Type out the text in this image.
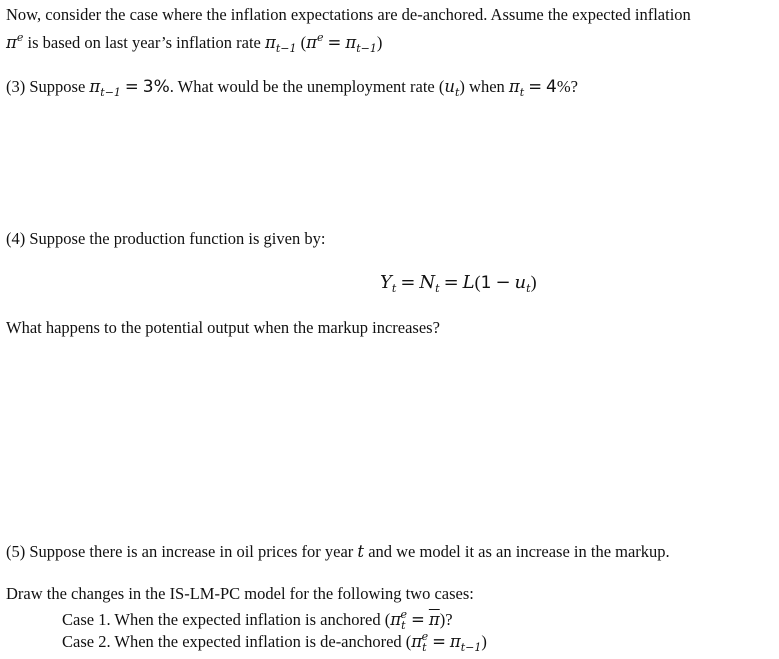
Now, consider the case where the inflation expectations are de-anchored. Assume the expected inflation
$\pi^e$ is based on last year’s inflation rate $\pi_{t-1}$ $(\pi^e = \pi_{t-1})$
(3) Suppose $\pi_{t-1} = 3\%$. What would be the unemployment rate $(u_t)$ when $\pi_t = 4\%$?
(4) Suppose the production function is given by:
$Y_t = N_t = L(1 - u_t)$
What happens to the potential output when the markup increases?
(5) Suppose there is an increase in oil prices for year t and we model it as an increase in the markup.
Draw the changes in the IS-LM-PC model for the following two cases:
Case 1. When the expected inflation is anchored $(\pi_t^e = \overline{\pi})$?
Case 2. When the expected inflation is de-anchored $(\pi_t^e = \pi_{t-1})$
